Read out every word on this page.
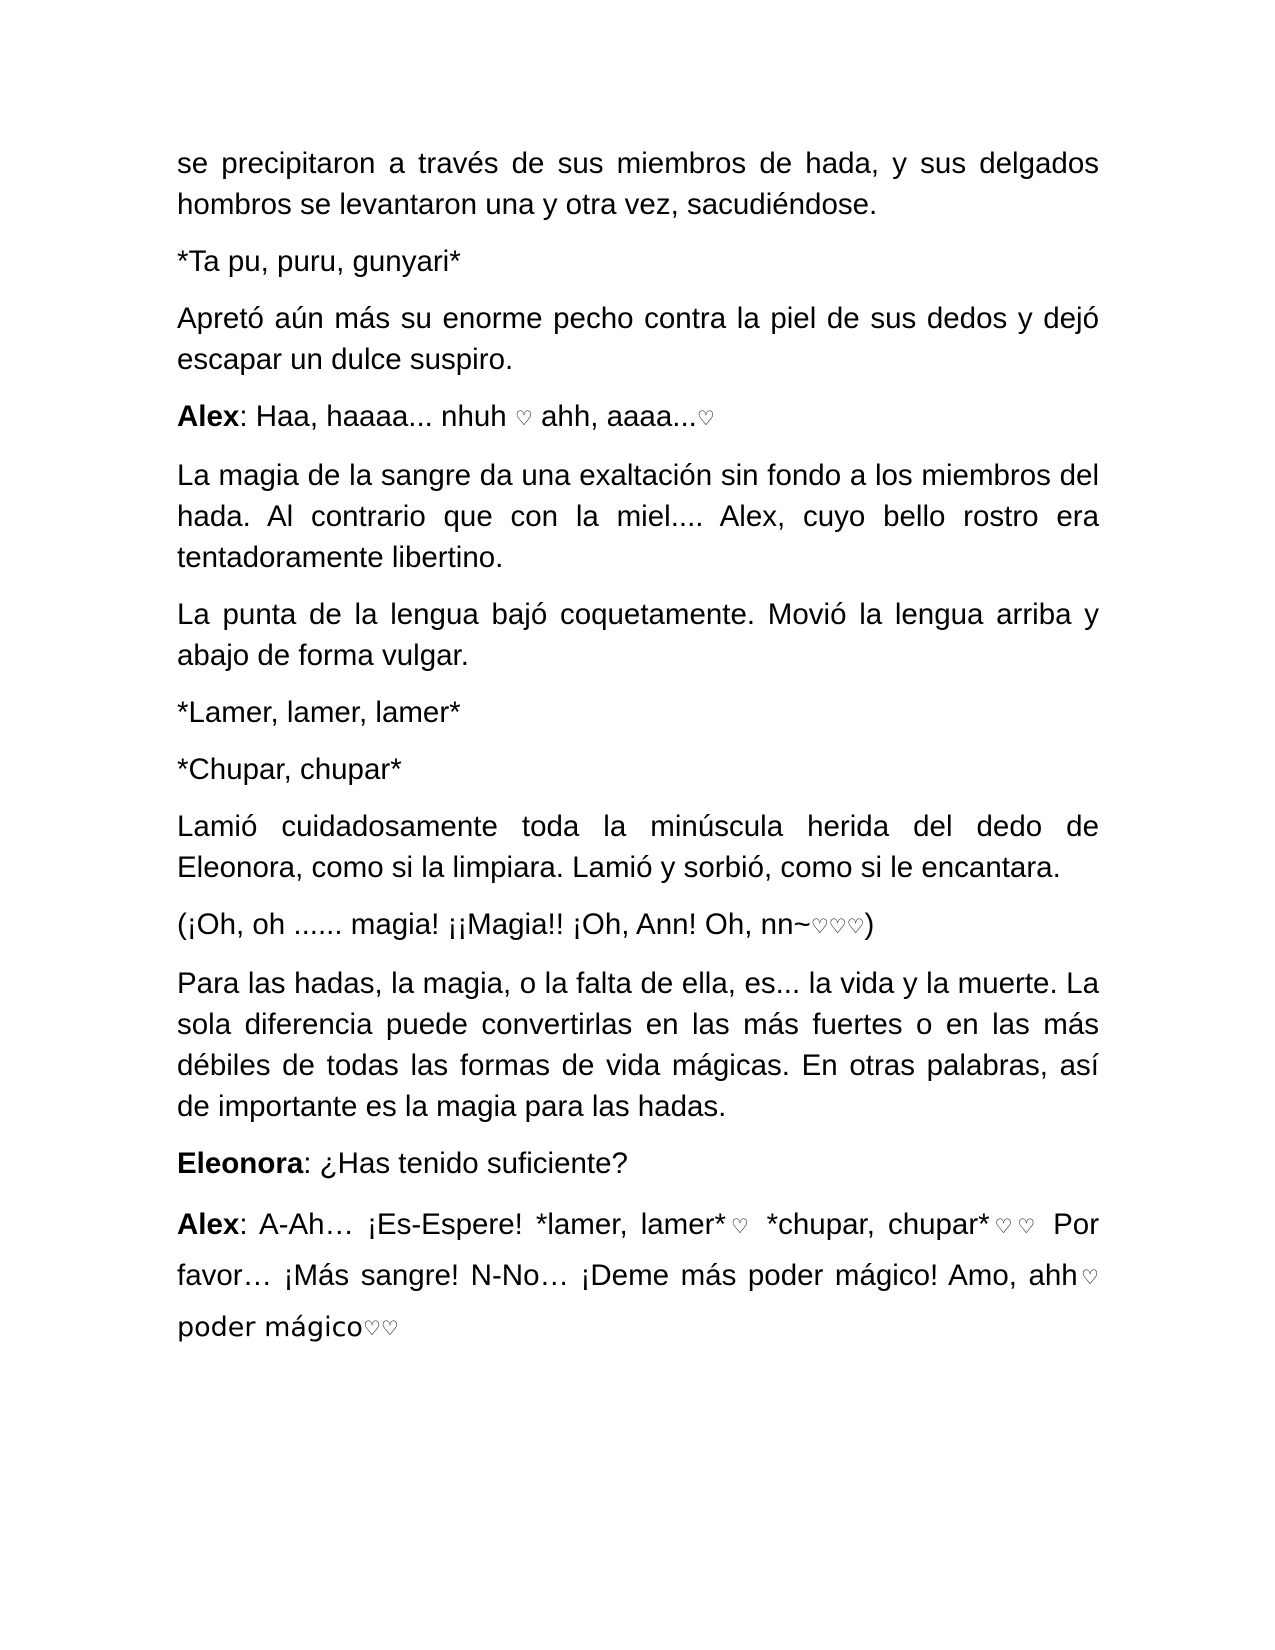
se precipitaron a través de sus miembros de hada, y sus delgados hombros se levantaron una y otra vez, sacudiéndose.

*Ta pu, puru, gunyari*

Apretó aún más su enorme pecho contra la piel de sus dedos y dejó escapar un dulce suspiro.

Alex: Haa, haaaa... nhuh ♡ ahh, aaaa...♡

La magia de la sangre da una exaltación sin fondo a los miembros del hada. Al contrario que con la miel.... Alex, cuyo bello rostro era tentadoramente libertino.

La punta de la lengua bajó coquetamente. Movió la lengua arriba y abajo de forma vulgar.

*Lamer, lamer, lamer*

*Chupar, chupar*

Lamió cuidadosamente toda la minúscula herida del dedo de Eleonora, como si la limpiara. Lamió y sorbió, como si le encantara.

(¡Oh, oh ...... magia! ¡¡Magia!! ¡Oh, Ann! Oh, nn~♡♡♡)

Para las hadas, la magia, o la falta de ella, es... la vida y la muerte. La sola diferencia puede convertirlas en las más fuertes o en las más débiles de todas las formas de vida mágicas. En otras palabras, así de importante es la magia para las hadas.

Eleonora: ¿Has tenido suficiente?

Alex: A-Ah… ¡Es-Espere! *lamer, lamer*♡ *chupar, chupar*♡♡ Por favor… ¡Más sangre! N-No… ¡Deme más poder mágico! Amo, ahh♡ poder mágico♡♡
